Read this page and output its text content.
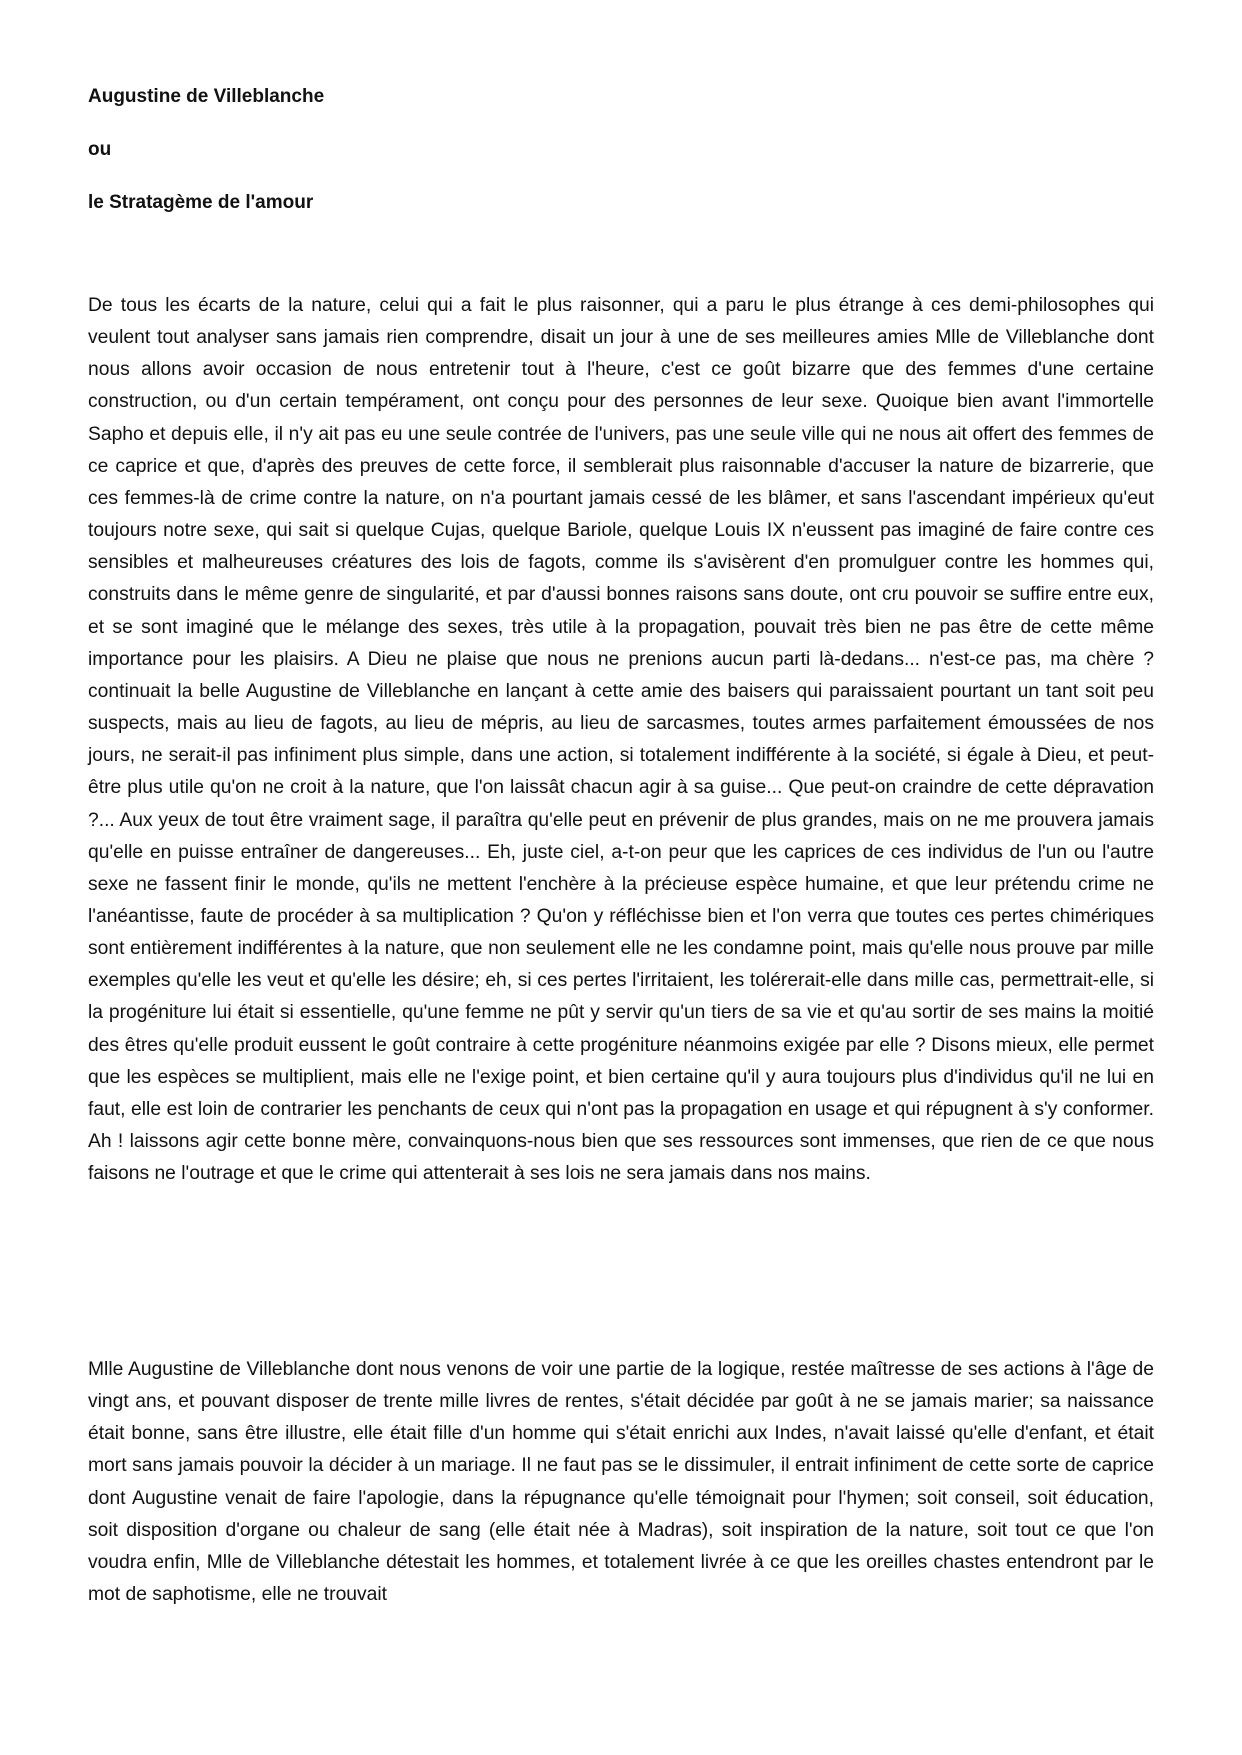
Augustine de Villeblanche
ou
le Stratagème de l'amour

De tous les écarts de la nature, celui qui a fait le plus raisonner, qui a paru le plus étrange à ces demi-philosophes qui veulent tout analyser sans jamais rien comprendre, disait un jour à une de ses meilleures amies Mlle de Villeblanche dont nous allons avoir occasion de nous entretenir tout à l'heure, c'est ce goût bizarre que des femmes d'une certaine construction, ou d'un certain tempérament, ont conçu pour des personnes de leur sexe. Quoique bien avant l'immortelle Sapho et depuis elle, il n'y ait pas eu une seule contrée de l'univers, pas une seule ville qui ne nous ait offert des femmes de ce caprice et que, d'après des preuves de cette force, il semblerait plus raisonnable d'accuser la nature de bizarrerie, que ces femmes-là de crime contre la nature, on n'a pourtant jamais cessé de les blâmer, et sans l'ascendant impérieux qu'eut toujours notre sexe, qui sait si quelque Cujas, quelque Bariole, quelque Louis IX n'eussent pas imaginé de faire contre ces sensibles et malheureuses créatures des lois de fagots, comme ils s'avisèrent d'en promulguer contre les hommes qui, construits dans le même genre de singularité, et par d'aussi bonnes raisons sans doute, ont cru pouvoir se suffire entre eux, et se sont imaginé que le mélange des sexes, très utile à la propagation, pouvait très bien ne pas être de cette même importance pour les plaisirs. A Dieu ne plaise que nous ne prenions aucun parti là-dedans... n'est-ce pas, ma chère ? continuait la belle Augustine de Villeblanche en lançant à cette amie des baisers qui paraissaient pourtant un tant soit peu suspects, mais au lieu de fagots, au lieu de mépris, au lieu de sarcasmes, toutes armes parfaitement émoussées de nos jours, ne serait-il pas infiniment plus simple, dans une action, si totalement indifférente à la société, si égale à Dieu, et peut-être plus utile qu'on ne croit à la nature, que l'on laissât chacun agir à sa guise... Que peut-on craindre de cette dépravation ?... Aux yeux de tout être vraiment sage, il paraîtra qu'elle peut en prévenir de plus grandes, mais on ne me prouvera jamais qu'elle en puisse entraîner de dangereuses... Eh, juste ciel, a-t-on peur que les caprices de ces individus de l'un ou l'autre sexe ne fassent finir le monde, qu'ils ne mettent l'enchère à la précieuse espèce humaine, et que leur prétendu crime ne l'anéantisse, faute de procéder à sa multiplication ? Qu'on y réfléchisse bien et l'on verra que toutes ces pertes chimériques sont entièrement indifférentes à la nature, que non seulement elle ne les condamne point, mais qu'elle nous prouve par mille exemples qu'elle les veut et qu'elle les désire; eh, si ces pertes l'irritaient, les tolérerait-elle dans mille cas, permettrait-elle, si la progéniture lui était si essentielle, qu'une femme ne pût y servir qu'un tiers de sa vie et qu'au sortir de ses mains la moitié des êtres qu'elle produit eussent le goût contraire à cette progéniture néanmoins exigée par elle ? Disons mieux, elle permet que les espèces se multiplient, mais elle ne l'exige point, et bien certaine qu'il y aura toujours plus d'individus qu'il ne lui en faut, elle est loin de contrarier les penchants de ceux qui n'ont pas la propagation en usage et qui répugnent à s'y conformer. Ah ! laissons agir cette bonne mère, convainquons-nous bien que ses ressources sont immenses, que rien de ce que nous faisons ne l'outrage et que le crime qui attenterait à ses lois ne sera jamais dans nos mains.

Mlle Augustine de Villeblanche dont nous venons de voir une partie de la logique, restée maîtresse de ses actions à l'âge de vingt ans, et pouvant disposer de trente mille livres de rentes, s'était décidée par goût à ne se jamais marier; sa naissance était bonne, sans être illustre, elle était fille d'un homme qui s'était enrichi aux Indes, n'avait laissé qu'elle d'enfant, et était mort sans jamais pouvoir la décider à un mariage. Il ne faut pas se le dissimuler, il entrait infiniment de cette sorte de caprice dont Augustine venait de faire l'apologie, dans la répugnance qu'elle témoignait pour l'hymen; soit conseil, soit éducation, soit disposition d'organe ou chaleur de sang (elle était née à Madras), soit inspiration de la nature, soit tout ce que l'on voudra enfin, Mlle de Villeblanche détestait les hommes, et totalement livrée à ce que les oreilles chastes entendront par le mot de saphotisme, elle ne trouvait
